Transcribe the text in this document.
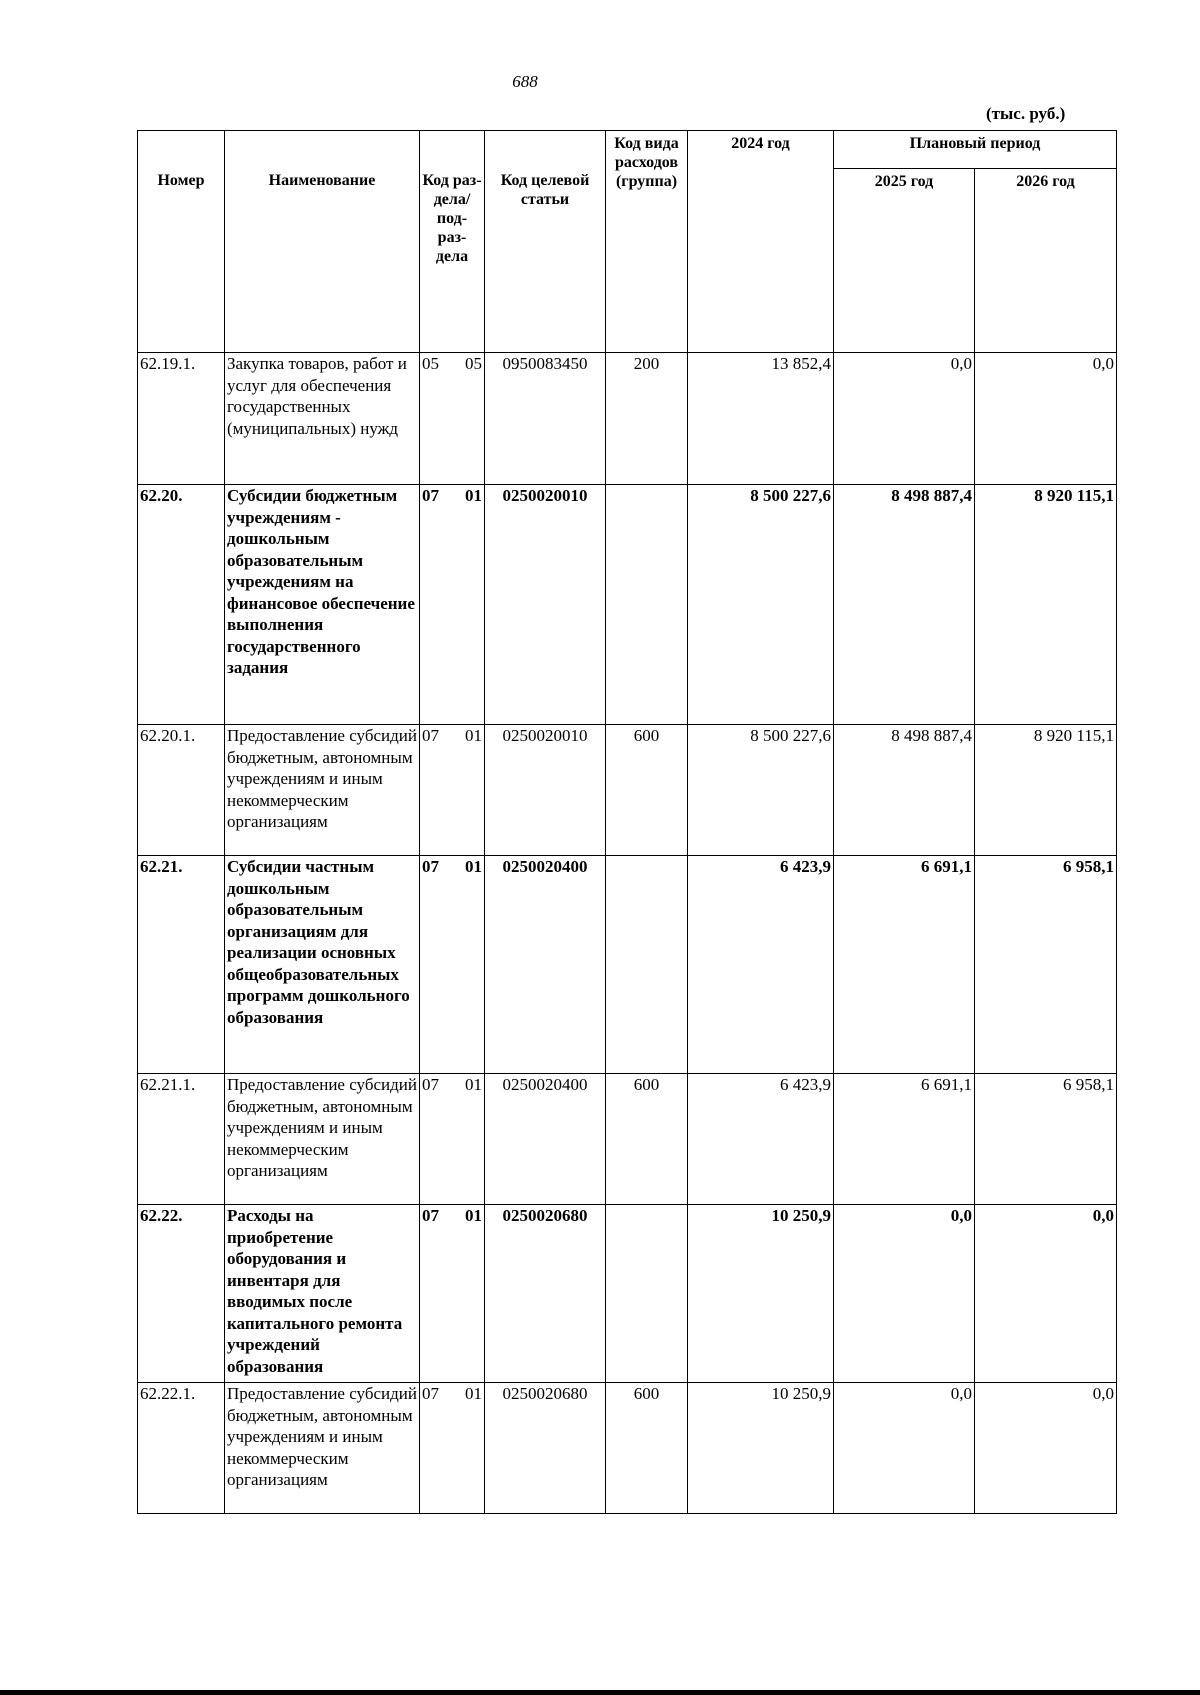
688
(тыс. руб.)
Номер	Наименование	Код раз- дела/ под- раз- дела	Код целевой статьи	Код вида расходов (группа)	2024 год	Плановый период	
						2025 год	2026 год
62.19.1.	Закупка товаров, работ и услуг для обеспечения государственных (муниципальных) нужд	05 05	0950083450	200	13 852,4	0,0	0,0
62.20.	Субсидии бюджетным учреждениям - дошкольным образовательным учреждениям на финансовое обеспечение выполнения государственного задания	07 01	0250020010		8 500 227,6	8 498 887,4	8 920 115,1
62.20.1.	Предоставление субсидий бюджетным, автономным учреждениям и иным некоммерческим организациям	07 01	0250020010	600	8 500 227,6	8 498 887,4	8 920 115,1
62.21.	Субсидии частным дошкольным образовательным организациям для реализации основных общеобразовательных программ дошкольного образования	07 01	0250020400		6 423,9	6 691,1	6 958,1
62.21.1.	Предоставление субсидий бюджетным, автономным учреждениям и иным некоммерческим организациям	07 01	0250020400	600	6 423,9	6 691,1	6 958,1
62.22.	Расходы на приобретение оборудования и инвентаря для вводимых после капитального ремонта учреждений образования	07 01	0250020680		10 250,9	0,0	0,0
62.22.1.	Предоставление субсидий бюджетным, автономным учреждениям и иным некоммерческим организациям	07 01	0250020680	600	10 250,9	0,0	0,0
